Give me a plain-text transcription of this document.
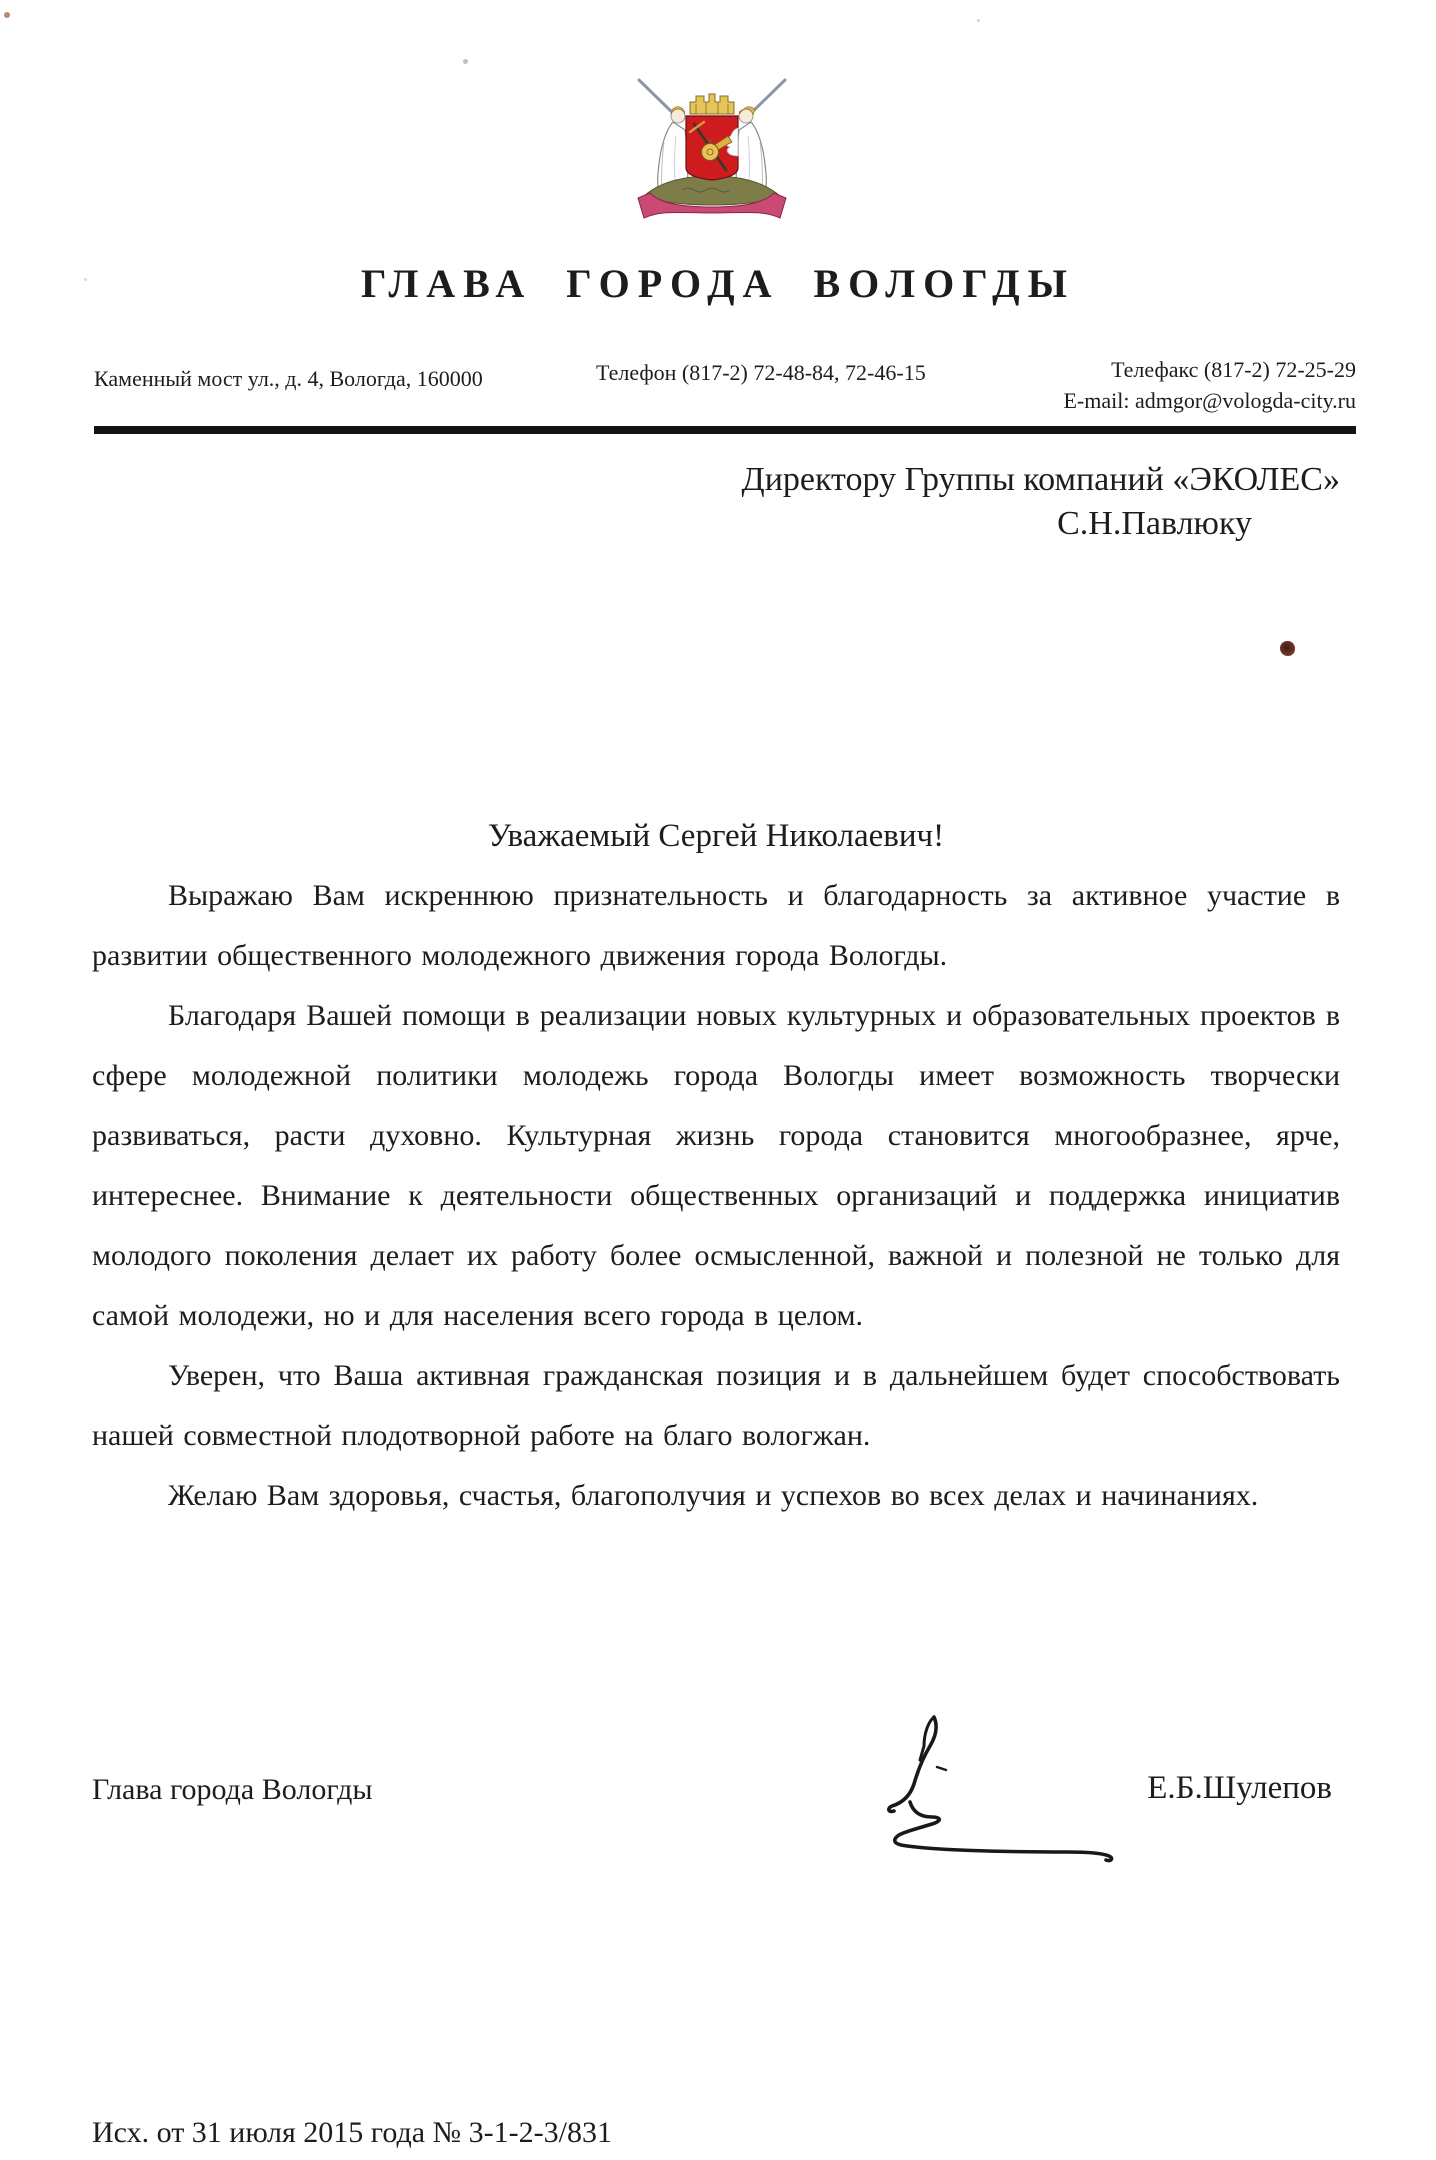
ГЛАВА ГОРОДА ВОЛОГДЫ
Каменный мост ул., д. 4, Вологда, 160000	Телефон (817-2) 72-48-84, 72-46-15	Телефакс (817-2) 72-25-29
E-mail: admgor@vologda-city.ru
Директору Группы компаний «ЭКОЛЕС»
С.Н.Павлюку

Уважаемый Сергей Николаевич!

Выражаю Вам искреннюю признательность и благодарность за активное участие в развитии общественного молодежного движения города Вологды.

Благодаря Вашей помощи в реализации новых культурных и образовательных проектов в сфере молодежной политики молодежь города Вологды имеет возможность творчески развиваться, расти духовно. Культурная жизнь города становится многообразнее, ярче, интереснее. Внимание к деятельности общественных организаций и поддержка инициатив молодого поколения делает их работу более осмысленной, важной и полезной не только для самой молодежи, но и для населения всего города в целом.

Уверен, что Ваша активная гражданская позиция и в дальнейшем будет способствовать нашей совместной плодотворной работе на благо вологжан.

Желаю Вам здоровья, счастья, благополучия и успехов во всех делах и начинаниях.

Глава города Вологды	Е.Б.Шулепов
Исх. от 31 июля 2015 года № 3-1-2-3/831
